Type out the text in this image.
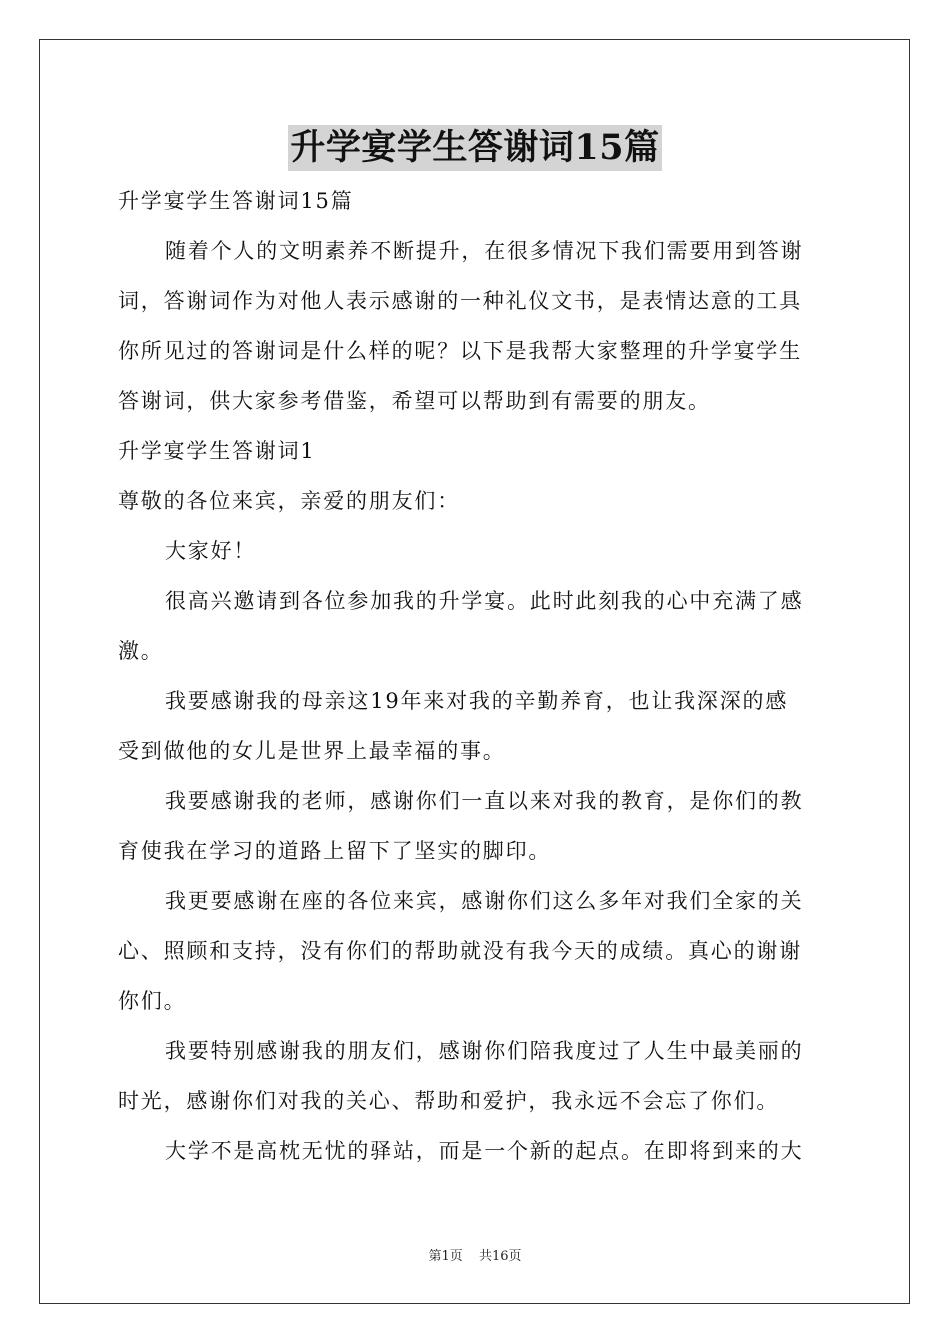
升学宴学生答谢词15篇
升学宴学生答谢词15篇
随着个人的文明素养不断提升，在很多情况下我们需要用到答谢
词，答谢词作为对他人表示感谢的一种礼仪文书，是表情达意的工具
你所见过的答谢词是什么样的呢？以下是我帮大家整理的升学宴学生
答谢词，供大家参考借鉴，希望可以帮助到有需要的朋友。
升学宴学生答谢词1
尊敬的各位来宾，亲爱的朋友们：
大家好！
很高兴邀请到各位参加我的升学宴。此时此刻我的心中充满了感
激。
我要感谢我的母亲这19年来对我的辛勤养育，也让我深深的感
受到做他的女儿是世界上最幸福的事。
我要感谢我的老师，感谢你们一直以来对我的教育，是你们的教
育使我在学习的道路上留下了坚实的脚印。
我更要感谢在座的各位来宾，感谢你们这么多年对我们全家的关
心、照顾和支持，没有你们的帮助就没有我今天的成绩。真心的谢谢
你们。
我要特别感谢我的朋友们，感谢你们陪我度过了人生中最美丽的
时光，感谢你们对我的关心、帮助和爱护，我永远不会忘了你们。
大学不是高枕无忧的驿站，而是一个新的起点。在即将到来的大
第1页 共16页
